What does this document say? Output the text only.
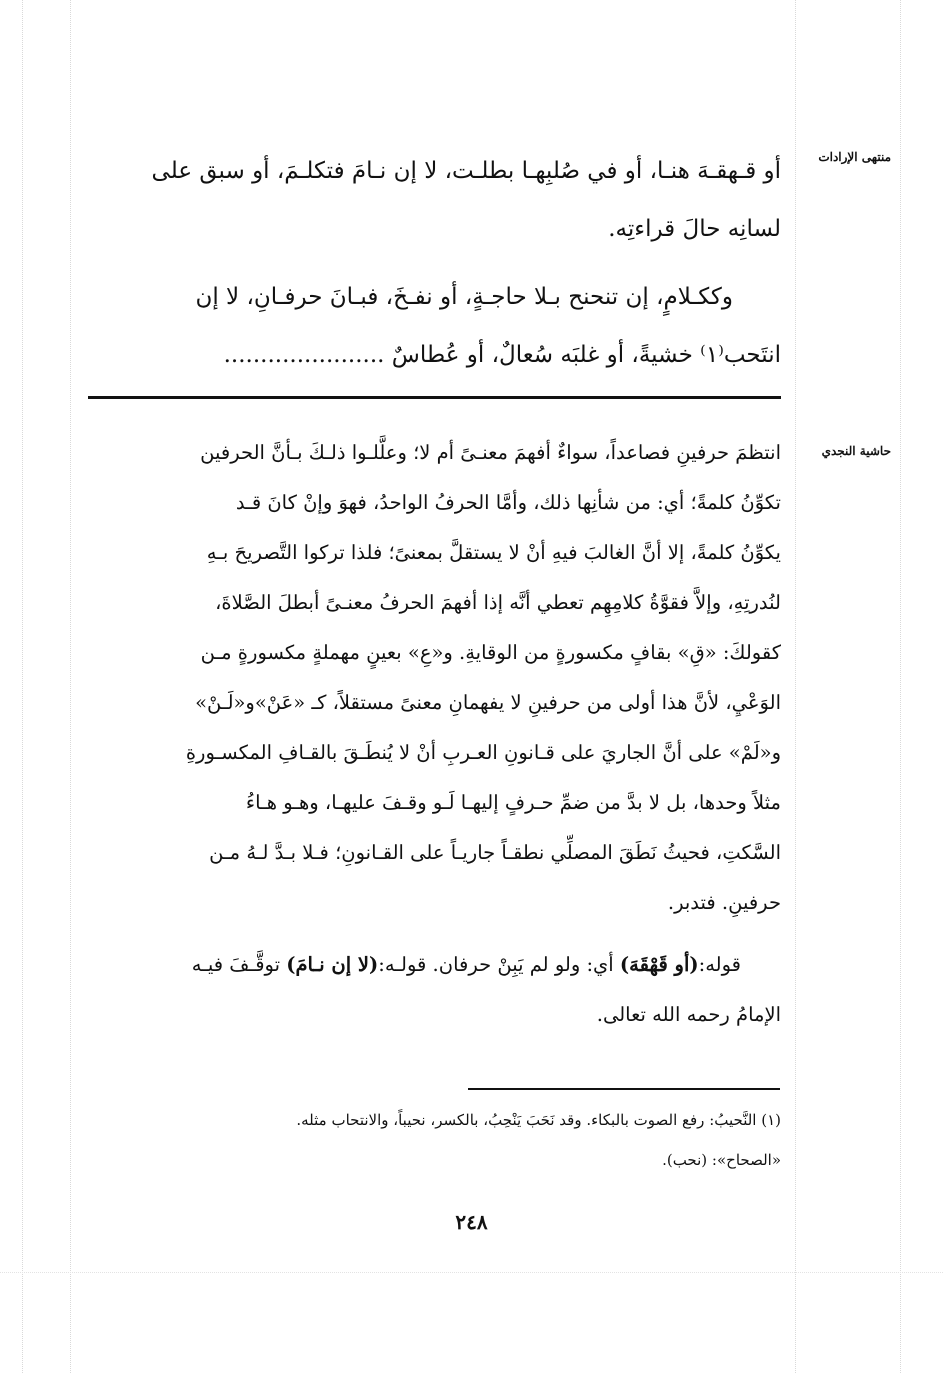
منتهى الإرادات
حاشية النجدي
أو قـهقـهَ هنـا، أو في صُلبِهـا بطلـت، لا إن نـامَ فتكلـمَ، أو سبق على
لسانِه حالَ قراءتِه.
وككـلامٍ، إن تنحنح بـلا حاجـةٍ، أو نفـخَ، فبـانَ حرفـانِ، لا إن
انتَحب⁽١⁾ خشيةً، أو غلبَه سُعالٌ، أو عُطاسٌ ......................
انتظمَ حرفينِ فصاعداً، سواءٌ أفهمَ معنـىً أم لا؛ وعلَّلـوا ذلـكَ بـأنَّ الحرفين
تكوِّنُ كلمةً؛ أي: من شأنِها ذلك، وأمَّا الحرفُ الواحدُ، فهوَ وإنْ كانَ قـد
يكوِّنُ كلمةً، إلا أنَّ الغالبَ فيهِ أنْ لا يستقلَّ بمعنىً؛ فلذا تركوا التَّصريحَ بـهِ
لنُدرتِهِ، وإلاَّ فقوَّةُ كلامِهِم تعطي أنَّه إذا أفهمَ الحرفُ معنـىً أبطلَ الصَّلاةَ،
كقولكَ: «قِ» بقافٍ مكسورةٍ من الوقايةِ. و«عِ» بعينٍ مهملةٍ مكسورةٍ مـن
الوَعْيِ، لأنَّ هذا أولى من حرفينِ لا يفهمانِ معنىً مستقلاً، كـ «عَنْ»و«لَـنْ»
و«لَمْ» على أنَّ الجاريَ على قـانونِ العـربِ أنْ لا يُنطَـقَ بالقـافِ المكسـورةِ
مثلاً وحدها، بل لا بدَّ من ضمِّ حـرفٍ إليهـا لَـو وقـفَ عليهـا، وهـو هـاءُ
السَّكتِ، فحيثُ نَطَقَ المصلِّي نطقـاً جاريـاً على القـانونِ؛ فـلا بـدَّ لـهُ مـن
حرفينِ. فتدبر.
قوله:(أو قَهْقَهَ) أي: ولو لم يَبِنْ حرفان. قولـه:(لا إن نـامَ) توقَّـفَ فيـه
الإمامُ رحمه الله تعالى.
(١) النَّحيبُ: رفع الصوت بالبكاء. وقد نَحَبَ يَنْحِبُ، بالكسر، نحيباً، والانتحاب مثله.
«الصحاح»: (نحب).
٢٤٨
